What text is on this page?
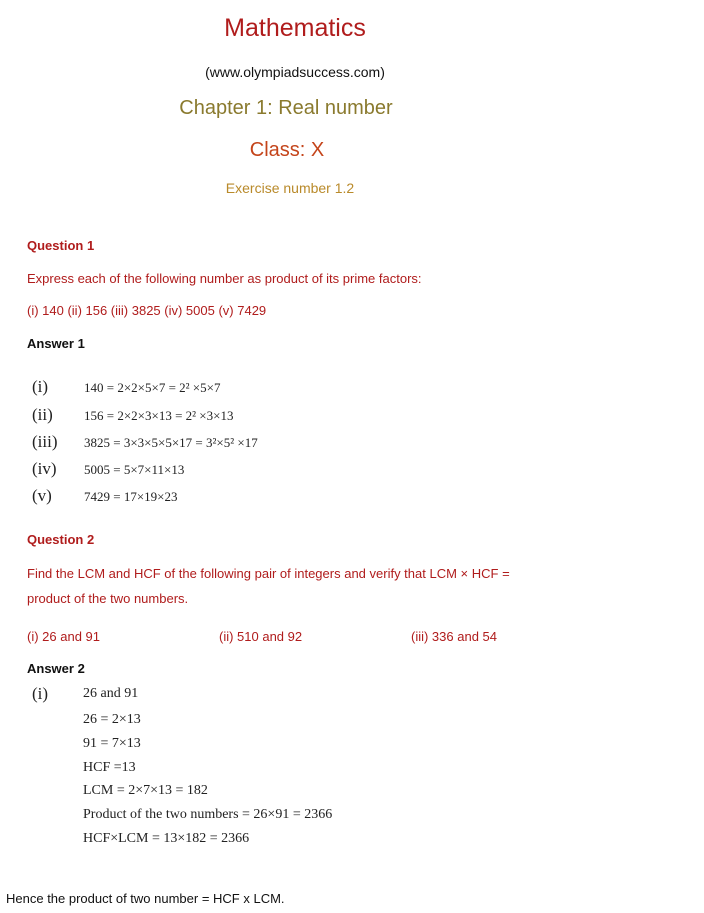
Mathematics
(www.olympiadsuccess.com)
Chapter 1: Real number
Class: X
Exercise number 1.2
Question 1
Express each of the following number as product of its prime factors:
(i) 140 (ii) 156 (iii) 3825 (iv) 5005 (v) 7429
Answer 1
(i)	140 = 2×2×5×7 = 2² ×5×7
(ii) 156 = 2×2×3×13 = 2² ×3×13
(iii) 3825 = 3×3×5×5×17 = 3²×5² ×17
(iv) 5005 = 5×7×11×13
(v) 7429 = 17×19×23
Question 2
Find the LCM and HCF of the following pair of integers and verify that LCM × HCF =
product of the two numbers.
(i) 26 and 91	(ii) 510 and 92	(iii) 336 and 54
Answer 2
(i) 26 and 91
26 = 2×13
91 = 7×13
HCF =13
LCM = 2×7×13 = 182
Product of the two numbers = 26×91 = 2366
HCF×LCM = 13×182 = 2366
Hence the product of two number = HCF x LCM.
